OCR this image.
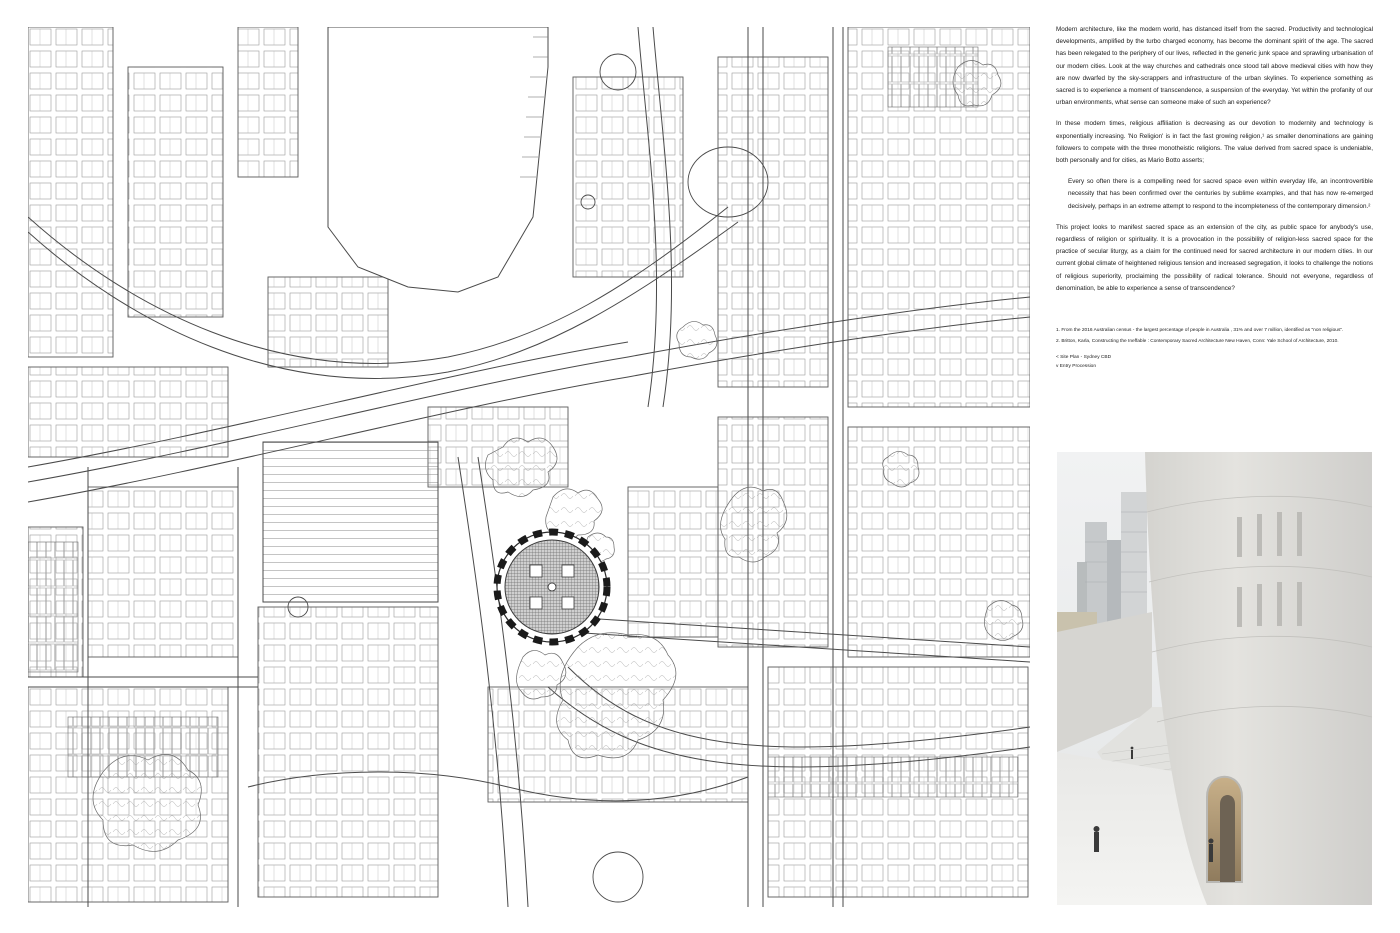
Modern architecture, like the modern world, has distanced itself from the sacred. Productivity and technological developments, amplified by the turbo charged economy, has become the dominant spirit of the age. The sacred has been relegated to the periphery of our lives, reflected in the generic junk space and sprawling urbanisation of our modern cities. Look at the way churches and cathedrals once stood tall above medieval cities with how they are now dwarfed by the sky-scrappers and infrastructure of the urban skylines. To experience something as sacred is to experience a moment of transcendence, a suspension of the everyday. Yet within the profanity of our urban environments, what sense can someone make of such an experience?

In these modern times, religious affiliation is decreasing as our devotion to modernity and technology is exponentially increasing. 'No Religion' is in fact the fast growing religion,¹ as smaller denominations are gaining followers to compete with the three monotheistic religions. The value derived from sacred space is undeniable, both personally and for cities, as Mario Botto asserts;

Every so often there is a compelling need for sacred space even within everyday life, an incontrovertible necessity that has been confirmed over the centuries by sublime examples, and that has now re-emerged decisively, perhaps in an extreme attempt to respond to the incompleteness of the contemporary dimension.²

This project looks to manifest sacred space as an extension of the city, as public space for anybody's use, regardless of religion or spirituality. It is a provocation in the possibility of religion-less sacred space for the practice of secular liturgy, as a claim for the continued need for sacred architecture in our modern cities. In our current global climate of heightened religious tension and increased segregation, it looks to challenge the notions of religious superiority, proclaiming the possibility of radical tolerance. Should not everyone, regardless of denomination, be able to experience a sense of transcendence?

1. From the 2016 Australian census - the largest percentage of people in Australia , 31% and over 7 million, identified as "non religious".
2. Britton, Karla, Constructing the Ineffable : Contemporary Sacred Architecture New Haven, Conn: Yale School of Architecture, 2010.
< Site Plan - Sydney CBD
v Entry Procession
